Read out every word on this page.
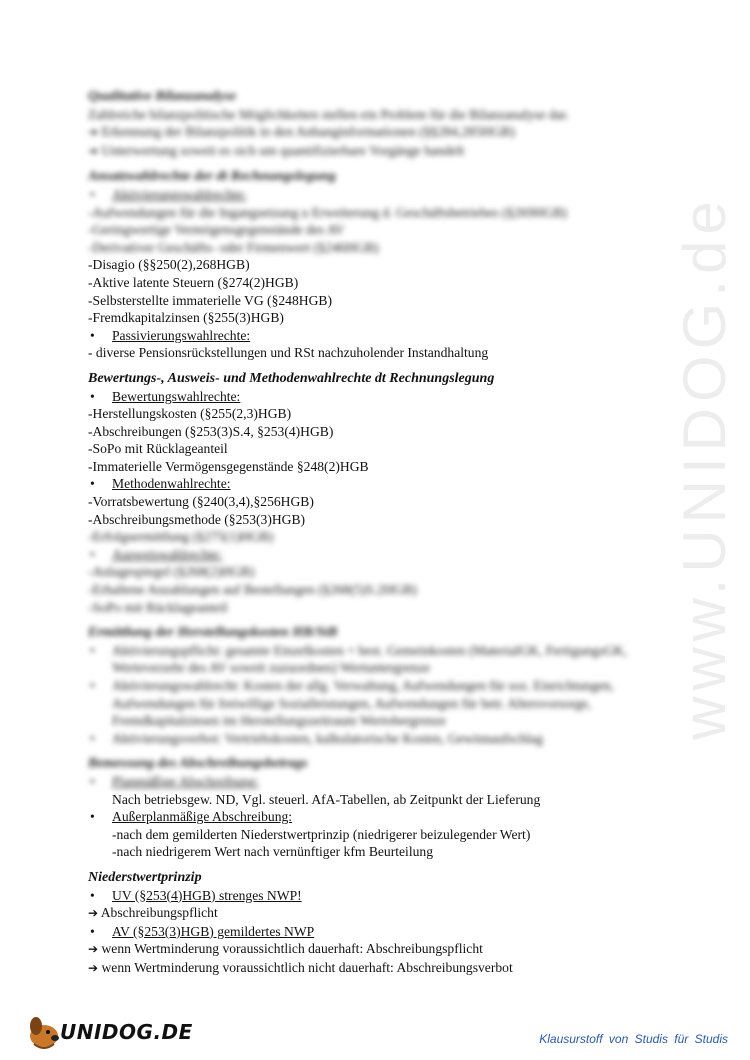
Qualitative Bilanzanalyse
Zahlreiche bilanzpolitische Möglichkeiten stellen ein Problem für die Bilanzanalyse dar.
➔ Erkennung der Bilanzpolitik in den Anhanginformationen (§§284,285HGB)
➔ Unterwertung soweit es sich um quantifizierbare Vorgänge handelt
Ansatzwahlrechte der dt Rechnungslegung
• Aktivierungswahlrechte:
-Aufwendungen für die Ingangsetzung u Erweiterung d. Geschäftsbetriebes (§269HGB)
-Geringwertige Vermögensgegenstände des AV
-Derivativer Geschäfts- oder Firmenwert (§246HGB)
-Disagio (§§250(2),268HGB)
-Aktive latente Steuern (§274(2)HGB)
-Selbsterstellte immaterielle VG (§248HGB)
-Fremdkapitalzinsen (§255(3)HGB)
• Passivierungswahlrechte:
- diverse Pensionsrückstellungen und RSt nachzuholender Instandhaltung
Bewertungs-, Ausweis- und Methodenwahlrechte dt Rechnungslegung
• Bewertungswahlrechte:
-Herstellungskosten (§255(2,3)HGB)
-Abschreibungen (§253(3)S.4, §253(4)HGB)
-SoPo mit Rücklageanteil
-Immaterielle Vermögensgegenstände §248(2)HGB
• Methodenwahlrechte:
-Vorratsbewertung (§240(3,4),§256HGB)
-Abschreibungsmethode (§253(3)HGB)
-Erfolgsermittlung (§275(1)HGB)
• Ausweiswahlrechte:
-Anlagespiegel (§268(2)HGB)
-Erhaltene Anzahlungen auf Bestellungen (§268(5)S.2HGB)
-SoPo mit Rücklageanteil
Ermittlung der Herstellungskosten HB/StB
• Aktivierungspflicht: gesamte Einzelkosten + best. Gemeinkosten (MaterialGK, FertigungsGK, Werteverzehr des AV soweit zuzuordnen) Wertuntergrenze
• Aktivierungswahlrecht: Kosten der allg. Verwaltung, Aufwendungen für soz. Einrichtungen, Aufwendungen für freiwillige Sozialleistungen, Aufwendungen für betr. Altersvorsorge, Fremdkapitalzinsen im Herstellungszeitraum Wertobergrenze
• Aktivierungsverbot: Vertriebskosten, kalkulatorische Kosten, Gewinnaufschlag
Bemessung des Abschreibungsbetrags
• Planmäßige Abschreibung:
Nach betriebsgew. ND, Vgl. steuerl. AfA-Tabellen, ab Zeitpunkt der Lieferung
• Außerplanmäßige Abschreibung:
-nach dem gemilderten Niederstwertprinzip (niedrigerer beizulegender Wert)
-nach niedrigerem Wert nach vernünftiger kfm Beurteilung
Niederstwertprinzip
• UV (§253(4)HGB) strenges NWP!
➔ Abschreibungspflicht
• AV (§253(3)HGB) gemildertes NWP
➔ wenn Wertminderung voraussichtlich dauerhaft: Abschreibungspflicht
➔ wenn Wertminderung voraussichtlich nicht dauerhaft: Abschreibungsverbot
www.UNIDOG.de
UNIDOG.DE	Klausurstoff von Studis für Studis
